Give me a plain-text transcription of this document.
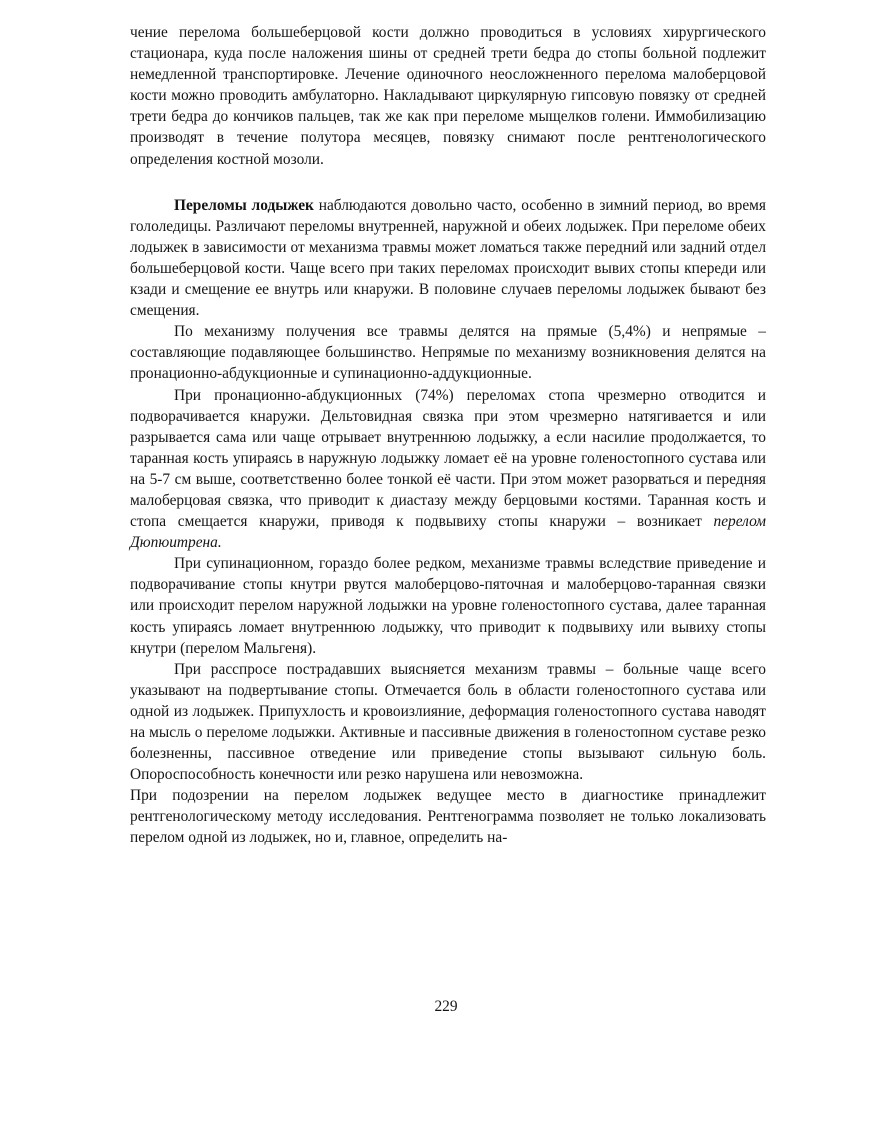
чение перелома большеберцовой кости должно проводиться в условиях хирургического стационара, куда после наложения шины от средней трети бедра до стопы больной подлежит немедленной транспортировке. Лечение одиночного неосложненного перелома малоберцовой кости можно проводить амбулаторно. Накладывают циркулярную гипсовую повязку от средней трети бедра до кончиков пальцев, так же как при переломе мыщелков голени. Иммобилизацию производят в течение полутора месяцев, повязку снимают после рентгенологического определения костной мозоли.

Переломы лодыжек наблюдаются довольно часто, особенно в зимний период, во время гололедицы. Различают переломы внутренней, наружной и обеих лодыжек. При переломе обеих лодыжек в зависимости от механизма травмы может ломаться также передний или задний отдел большеберцовой кости. Чаще всего при таких переломах происходит вывих стопы кпереди или кзади и смещение ее внутрь или кнаружи. В половине случаев переломы лодыжек бывают без смещения.

По механизму получения все травмы делятся на прямые (5,4%) и непрямые – составляющие подавляющее большинство. Непрямые по механизму возникновения делятся на пронационно-абдукционные и супинационно-аддукционные.

При пронационно-абдукционных (74%) переломах стопа чрезмерно отводится и подворачивается кнаружи. Дельтовидная связка при этом чрезмерно натягивается и или разрывается сама или чаще отрывает внутреннюю лодыжку, а если насилие продолжается, то таранная кость упираясь в наружную лодыжку ломает её на уровне голеностопного сустава или на 5-7 см выше, соответственно более тонкой её части. При этом может разорваться и передняя малоберцовая связка, что приводит к диастазу между берцовыми костями. Таранная кость и стопа смещается кнаружи, приводя к подвывиху стопы кнаружи – возникает перелом Дюпюитрена.

При супинационном, гораздо более редком, механизме травмы вследствие приведение и подворачивание стопы кнутри рвутся малоберцово-пяточная и малоберцово-таранная связки или происходит перелом наружной лодыжки на уровне голеностопного сустава, далее таранная кость упираясь ломает внутреннюю лодыжку, что приводит к подвывиху или вывиху стопы кнутри (перелом Мальгеня).

При расспросе пострадавших выясняется механизм травмы – больные чаще всего указывают на подвертывание стопы. Отмечается боль в области голеностопного сустава или одной из лодыжек. Припухлость и кровоизлияние, деформация голеностопного сустава наводят на мысль о переломе лодыжки. Активные и пассивные движения в голеностопном суставе резко болезненны, пассивное отведение или приведение стопы вызывают сильную боль. Опороспособность конечности или резко нарушена или невозможна.

При подозрении на перелом лодыжек ведущее место в диагностике принадлежит рентгенологическому методу исследования. Рентгенограмма позволяет не только локализовать перелом одной из лодыжек, но и, главное, определить на-

229
